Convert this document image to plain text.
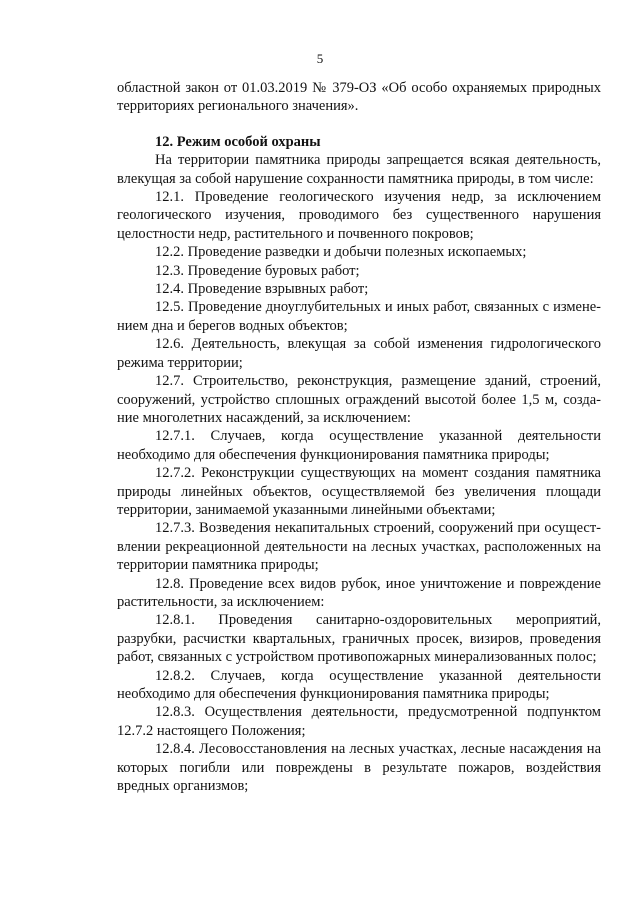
5

областной закон от 01.03.2019 № 379-ОЗ «Об особо охраняемых природных территориях регионального значения».

12. Режим особой охраны

На территории памятника природы запрещается всякая деятельность, влекущая за собой нарушение сохранности памятника природы, в том числе:

12.1. Проведение геологического изучения недр, за исключением геологического изучения, проводимого без существенного нарушения целостности недр, растительного и почвенного покровов;

12.2. Проведение разведки и добычи полезных ископаемых;

12.3. Проведение буровых работ;

12.4. Проведение взрывных работ;

12.5. Проведение дноуглубительных и иных работ, связанных с измене-нием дна и берегов водных объектов;

12.6. Деятельность, влекущая за собой изменения гидрологического режима территории;

12.7. Строительство, реконструкция, размещение зданий, строений, сооружений, устройство сплошных ограждений высотой более 1,5 м, созда-ние многолетних насаждений, за исключением:

12.7.1. Случаев, когда осуществление указанной деятельности необходимо для обеспечения функционирования памятника природы;

12.7.2. Реконструкции существующих на момент создания памятника природы линейных объектов, осуществляемой без увеличения площади территории, занимаемой указанными линейными объектами;

12.7.3. Возведения некапитальных строений, сооружений при осущест-влении рекреационной деятельности на лесных участках, расположенных на территории памятника природы;

12.8. Проведение всех видов рубок, иное уничтожение и повреждение растительности, за исключением:

12.8.1. Проведения санитарно-оздоровительных мероприятий, разрубки, расчистки квартальных, граничных просек, визиров, проведения работ, связанных с устройством противопожарных минерализованных полос;

12.8.2. Случаев, когда осуществление указанной деятельности необходимо для обеспечения функционирования памятника природы;

12.8.3. Осуществления деятельности, предусмотренной подпунктом 12.7.2 настоящего Положения;

12.8.4. Лесовосстановления на лесных участках, лесные насаждения на которых погибли или повреждены в результате пожаров, воздействия вредных организмов;
